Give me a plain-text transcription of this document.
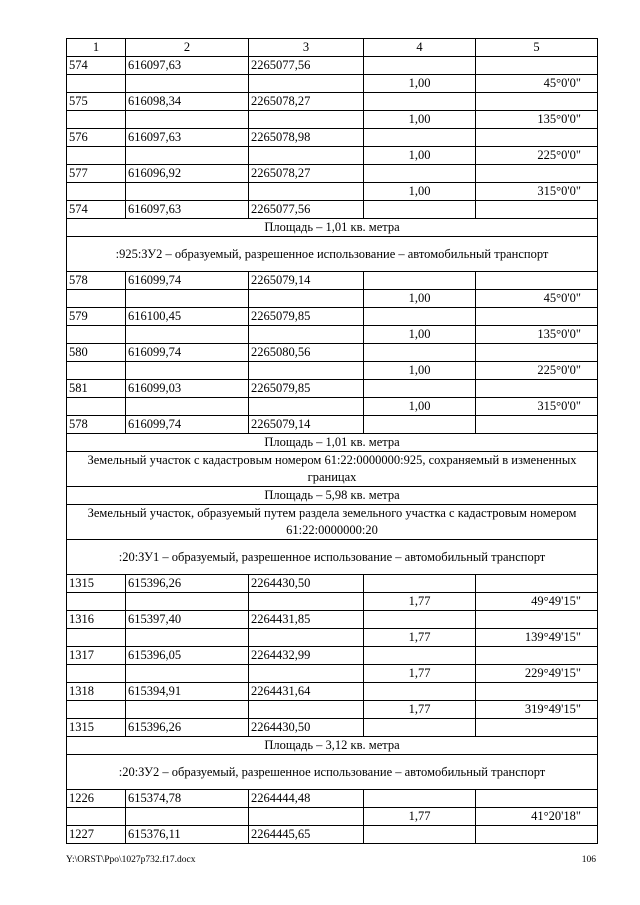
1	2	3	4	5
574	616097,63	2265077,56		
			1,00	45°0'0"
575	616098,34	2265078,27		
			1,00	135°0'0"
576	616097,63	2265078,98		
			1,00	225°0'0"
577	616096,92	2265078,27		
			1,00	315°0'0"
574	616097,63	2265077,56		
Площадь – 1,01 кв. метра				
:925:ЗУ2 – образуемый, разрешенное использование – автомобильный транспорт				
578	616099,74	2265079,14		
			1,00	45°0'0"
579	616100,45	2265079,85		
			1,00	135°0'0"
580	616099,74	2265080,56		
			1,00	225°0'0"
581	616099,03	2265079,85		
			1,00	315°0'0"
578	616099,74	2265079,14		
Площадь – 1,01 кв. метра				
Земельный участок с кадастровым номером 61:22:0000000:925, сохраняемый в измененных границах				
Площадь – 5,98 кв. метра				
Земельный участок, образуемый путем раздела земельного участка с кадастровым номером 61:22:0000000:20				
:20:ЗУ1 – образуемый, разрешенное использование – автомобильный транспорт				
1315	615396,26	2264430,50		
			1,77	49°49'15"
1316	615397,40	2264431,85		
			1,77	139°49'15"
1317	615396,05	2264432,99		
			1,77	229°49'15"
1318	615394,91	2264431,64		
			1,77	319°49'15"
1315	615396,26	2264430,50		
Площадь – 3,12 кв. метра				
:20:ЗУ2 – образуемый, разрешенное использование – автомобильный транспорт				
1226	615374,78	2264444,48		
			1,77	41°20'18"
1227	615376,11	2264445,65		
Y:\ORST\Ppo\1027p732.f17.docx	106
